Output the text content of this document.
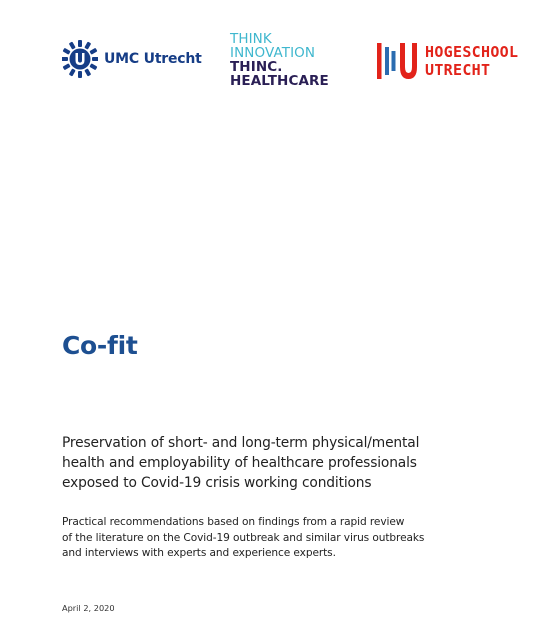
UMC Utrecht
THINK
INNOVATION
THINC.
HEALTHCARE
HOGESCHOOL
UTRECHT
Co-fit

Preservation of short- and long-term physical/mental
health and employability of healthcare professionals
exposed to Covid-19 crisis working conditions

Practical recommendations based on findings from a rapid review
of the literature on the Covid-19 outbreak and similar virus outbreaks
and interviews with experts and experience experts.

April 2, 2020
